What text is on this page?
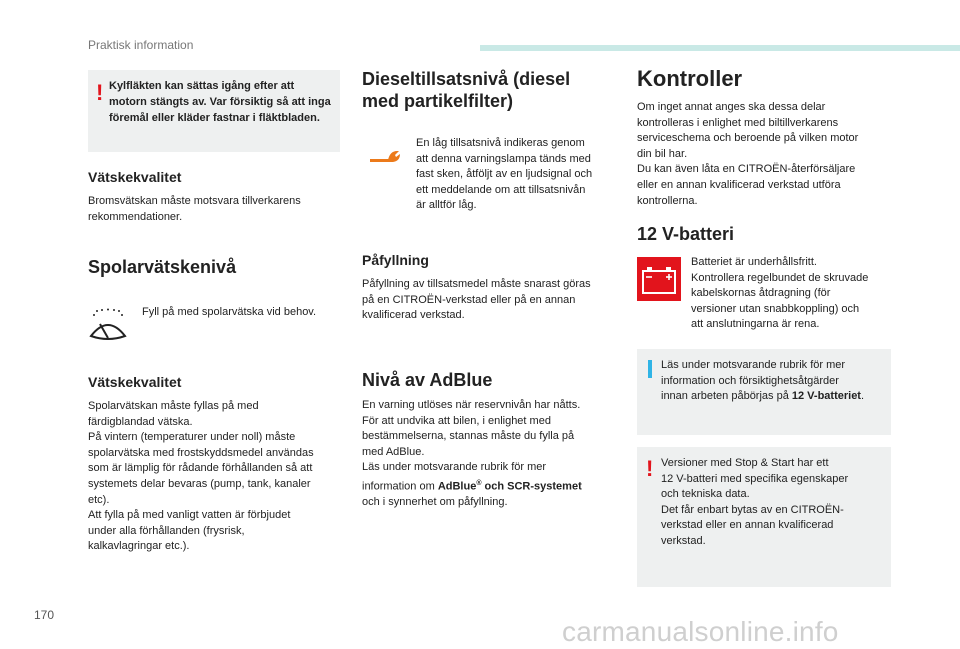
Praktisk information
! Kylfläkten kan sättas igång efter att motorn stängts av. Var försiktig så att inga föremål eller kläder fastnar i fläktbladen.
Vätskekvalitet

Bromsvätskan måste motsvara tillverkarens rekommendationer.

Spolarvätskenivå

Fyll på med spolarvätska vid behov.

Vätskekvalitet
Spolarvätskan måste fyllas på med
färdigblandad vätska.
På vintern (temperaturer under noll) måste
spolarvätska med frostskyddsmedel användas
som är lämplig för rådande förhållanden så att
systemets delar bevaras (pump, tank, kanaler
etc).
Att fylla på med vanligt vatten är förbjudet
under alla förhållanden (frysrisk,
kalkavlagringar etc.).
Dieseltillsatsnivå (diesel
med partikelfilter)
En låg tillsatsnivå indikeras genom
att denna varningslampa tänds med
fast sken, åtföljt av en ljudsignal och
ett meddelande om att tillsatsnivån
är alltför låg.
Påfyllning
Påfyllning av tillsatsmedel måste snarast göras
på en CITROËN-verkstad eller på en annan
kvalificerad verkstad.
Nivå av AdBlue
En varning utlöses när reservnivån har nåtts.
För att undvika att bilen, i enlighet med
bestämmelserna, stannas måste du fylla på
med AdBlue.
Läs under motsvarande rubrik för mer
information om AdBlue® och SCR-systemet
och i synnerhet om påfyllning.
Kontroller
Om inget annat anges ska dessa delar
kontrolleras i enlighet med biltillverkarens
serviceschema och beroende på vilken motor
din bil har.
Du kan även låta en CITROËN-återförsäljare
eller en annan kvalificerad verkstad utföra
kontrollerna.
12 V-batteri
Batteriet är underhållsfritt.
Kontrollera regelbundet de skruvade
kabelskornas åtdragning (för
versioner utan snabbkoppling) och
att anslutningarna är rena.
Läs under motsvarande rubrik för mer
information och försiktighetsåtgärder
innan arbeten påbörjas på 12 V-batteriet.
! Versioner med Stop & Start har ett
12 V-batteri med specifika egenskaper
och tekniska data.
Det får enbart bytas av en CITROËN-
verkstad eller en annan kvalificerad
verkstad.
170
carmanualsonline.info
